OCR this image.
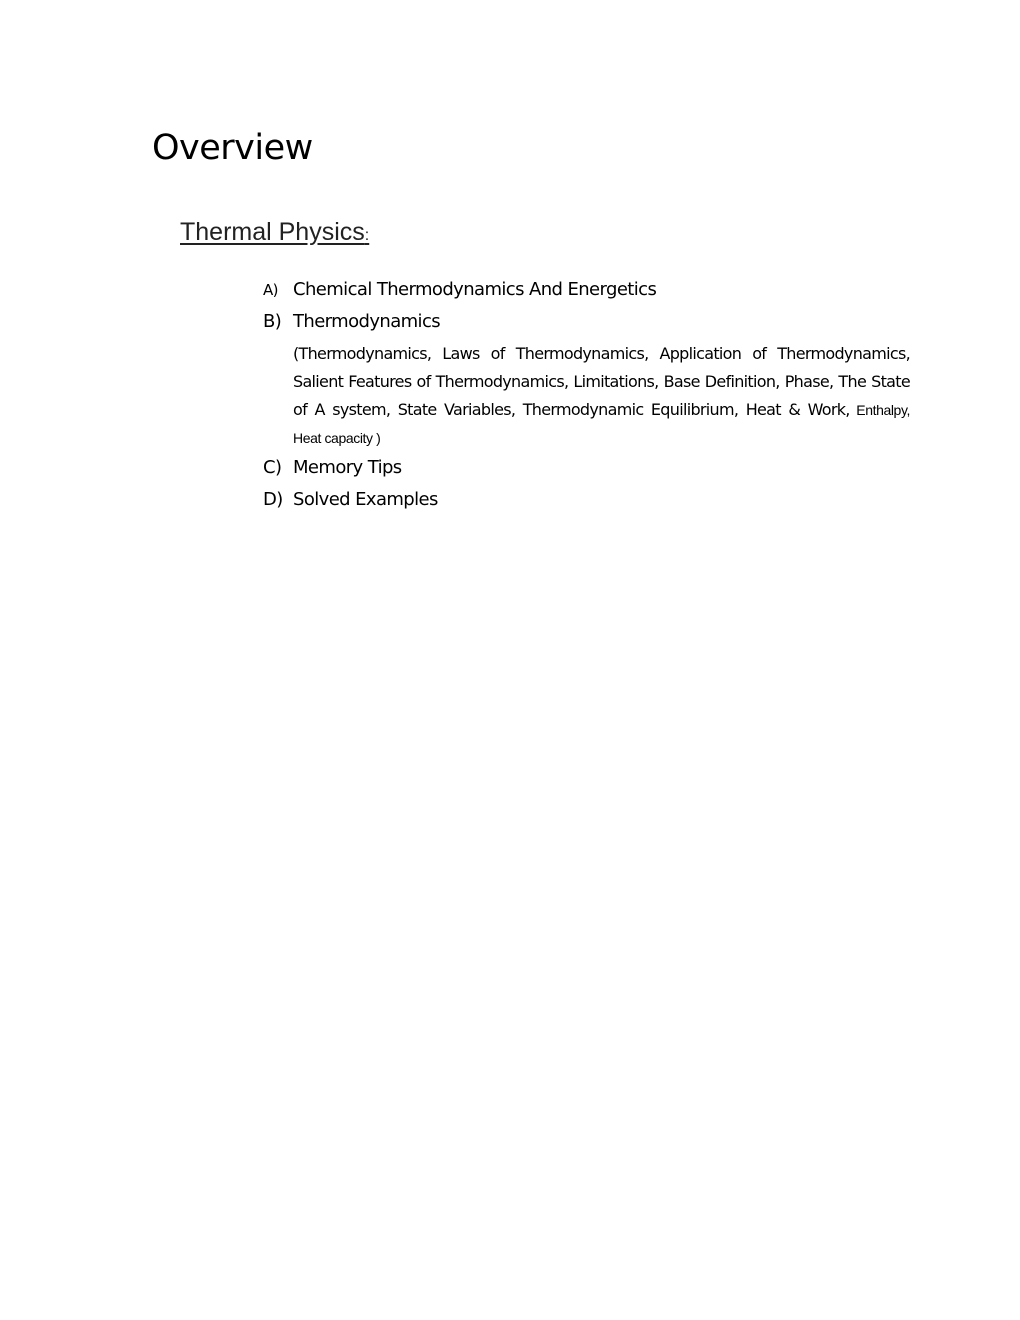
Overview
Thermal Physics:
A) Chemical Thermodynamics And Energetics
B) Thermodynamics
(Thermodynamics, Laws of Thermodynamics, Application of Thermodynamics, Salient Features of Thermodynamics, Limitations, Base Definition, Phase, The State of A system, State Variables, Thermodynamic Equilibrium, Heat & Work, Enthalpy, Heat capacity )
C) Memory Tips
D) Solved Examples
